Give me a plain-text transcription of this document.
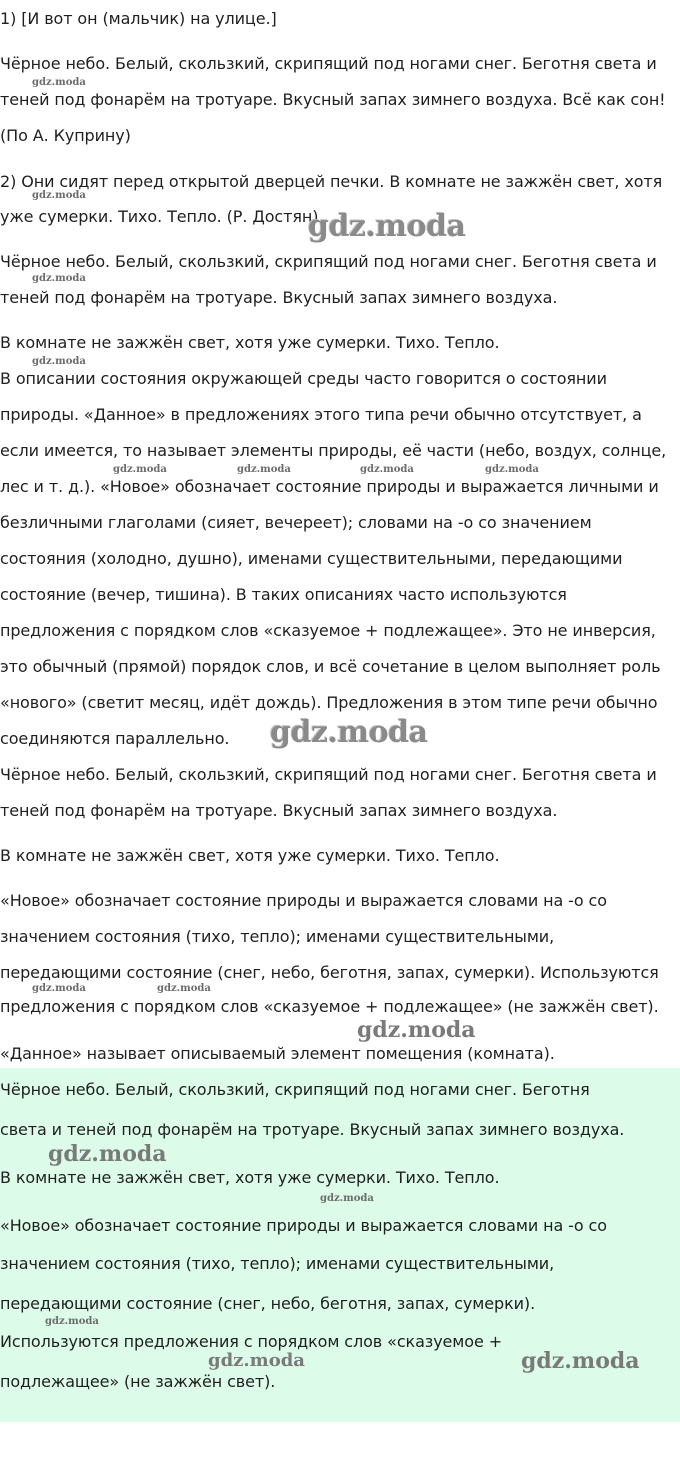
1) [И вот он (мальчик) на улице.]
Чёрное небо. Белый, скользкий, скрипящий под ногами снег. Беготня света и
теней под фонарём на тротуаре. Вкусный запах зимнего воздуха. Всё как сон!
(По А. Куприну)
2) Они сидят перед открытой дверцей печки. В комнате не зажжён свет, хотя
уже сумерки. Тихо. Тепло. (Р. Достян)
Чёрное небо. Белый, скользкий, скрипящий под ногами снег. Беготня света и
теней под фонарём на тротуаре. Вкусный запах зимнего воздуха.
В комнате не зажжён свет, хотя уже сумерки. Тихо. Тепло.
В описании состояния окружающей среды часто говорится о состоянии
природы. «Данное» в предложениях этого типа речи обычно отсутствует, а
если имеется, то называет элементы природы, её части (небо, воздух, солнце,
лес и т. д.). «Новое» обозначает состояние природы и выражается личными и
безличными глаголами (сияет, вечереет); словами на -о со значением
состояния (холодно, душно), именами существительными, передающими
состояние (вечер, тишина). В таких описаниях часто используются
предложения с порядком слов «сказуемое + подлежащее». Это не инверсия,
это обычный (прямой) порядок слов, и всё сочетание в целом выполняет роль
«нового» (светит месяц, идёт дождь). Предложения в этом типе речи обычно
соединяются параллельно.
Чёрное небо. Белый, скользкий, скрипящий под ногами снег. Беготня света и
теней под фонарём на тротуаре. Вкусный запах зимнего воздуха.
В комнате не зажжён свет, хотя уже сумерки. Тихо. Тепло.
«Новое» обозначает состояние природы и выражается словами на -о со
значением состояния (тихо, тепло); именами существительными,
передающими состояние (снег, небо, беготня, запах, сумерки). Используются
предложения с порядком слов «сказуемое + подлежащее» (не зажжён свет).
«Данное» называет описываемый элемент помещения (комната).
Чёрное небо. Белый, скользкий, скрипящий под ногами снег. Беготня
света и теней под фонарём на тротуаре. Вкусный запах зимнего воздуха.
В комнате не зажжён свет, хотя уже сумерки. Тихо. Тепло.
«Новое» обозначает состояние природы и выражается словами на -о со
значением состояния (тихо, тепло); именами существительными,
передающими состояние (снег, небо, беготня, запах, сумерки).
Используются предложения с порядком слов «сказуемое +
подлежащее» (не зажжён свет).
gdz.moda
gdz.moda
gdz.moda
gdz.moda
gdz.moda
gdz.moda	gdz.moda	gdz.moda	gdz.moda
gdz.moda
gdz.moda	gdz.moda
gdz.moda
gdz.moda
gdz.moda
gdz.moda
gdz.moda	gdz.moda
